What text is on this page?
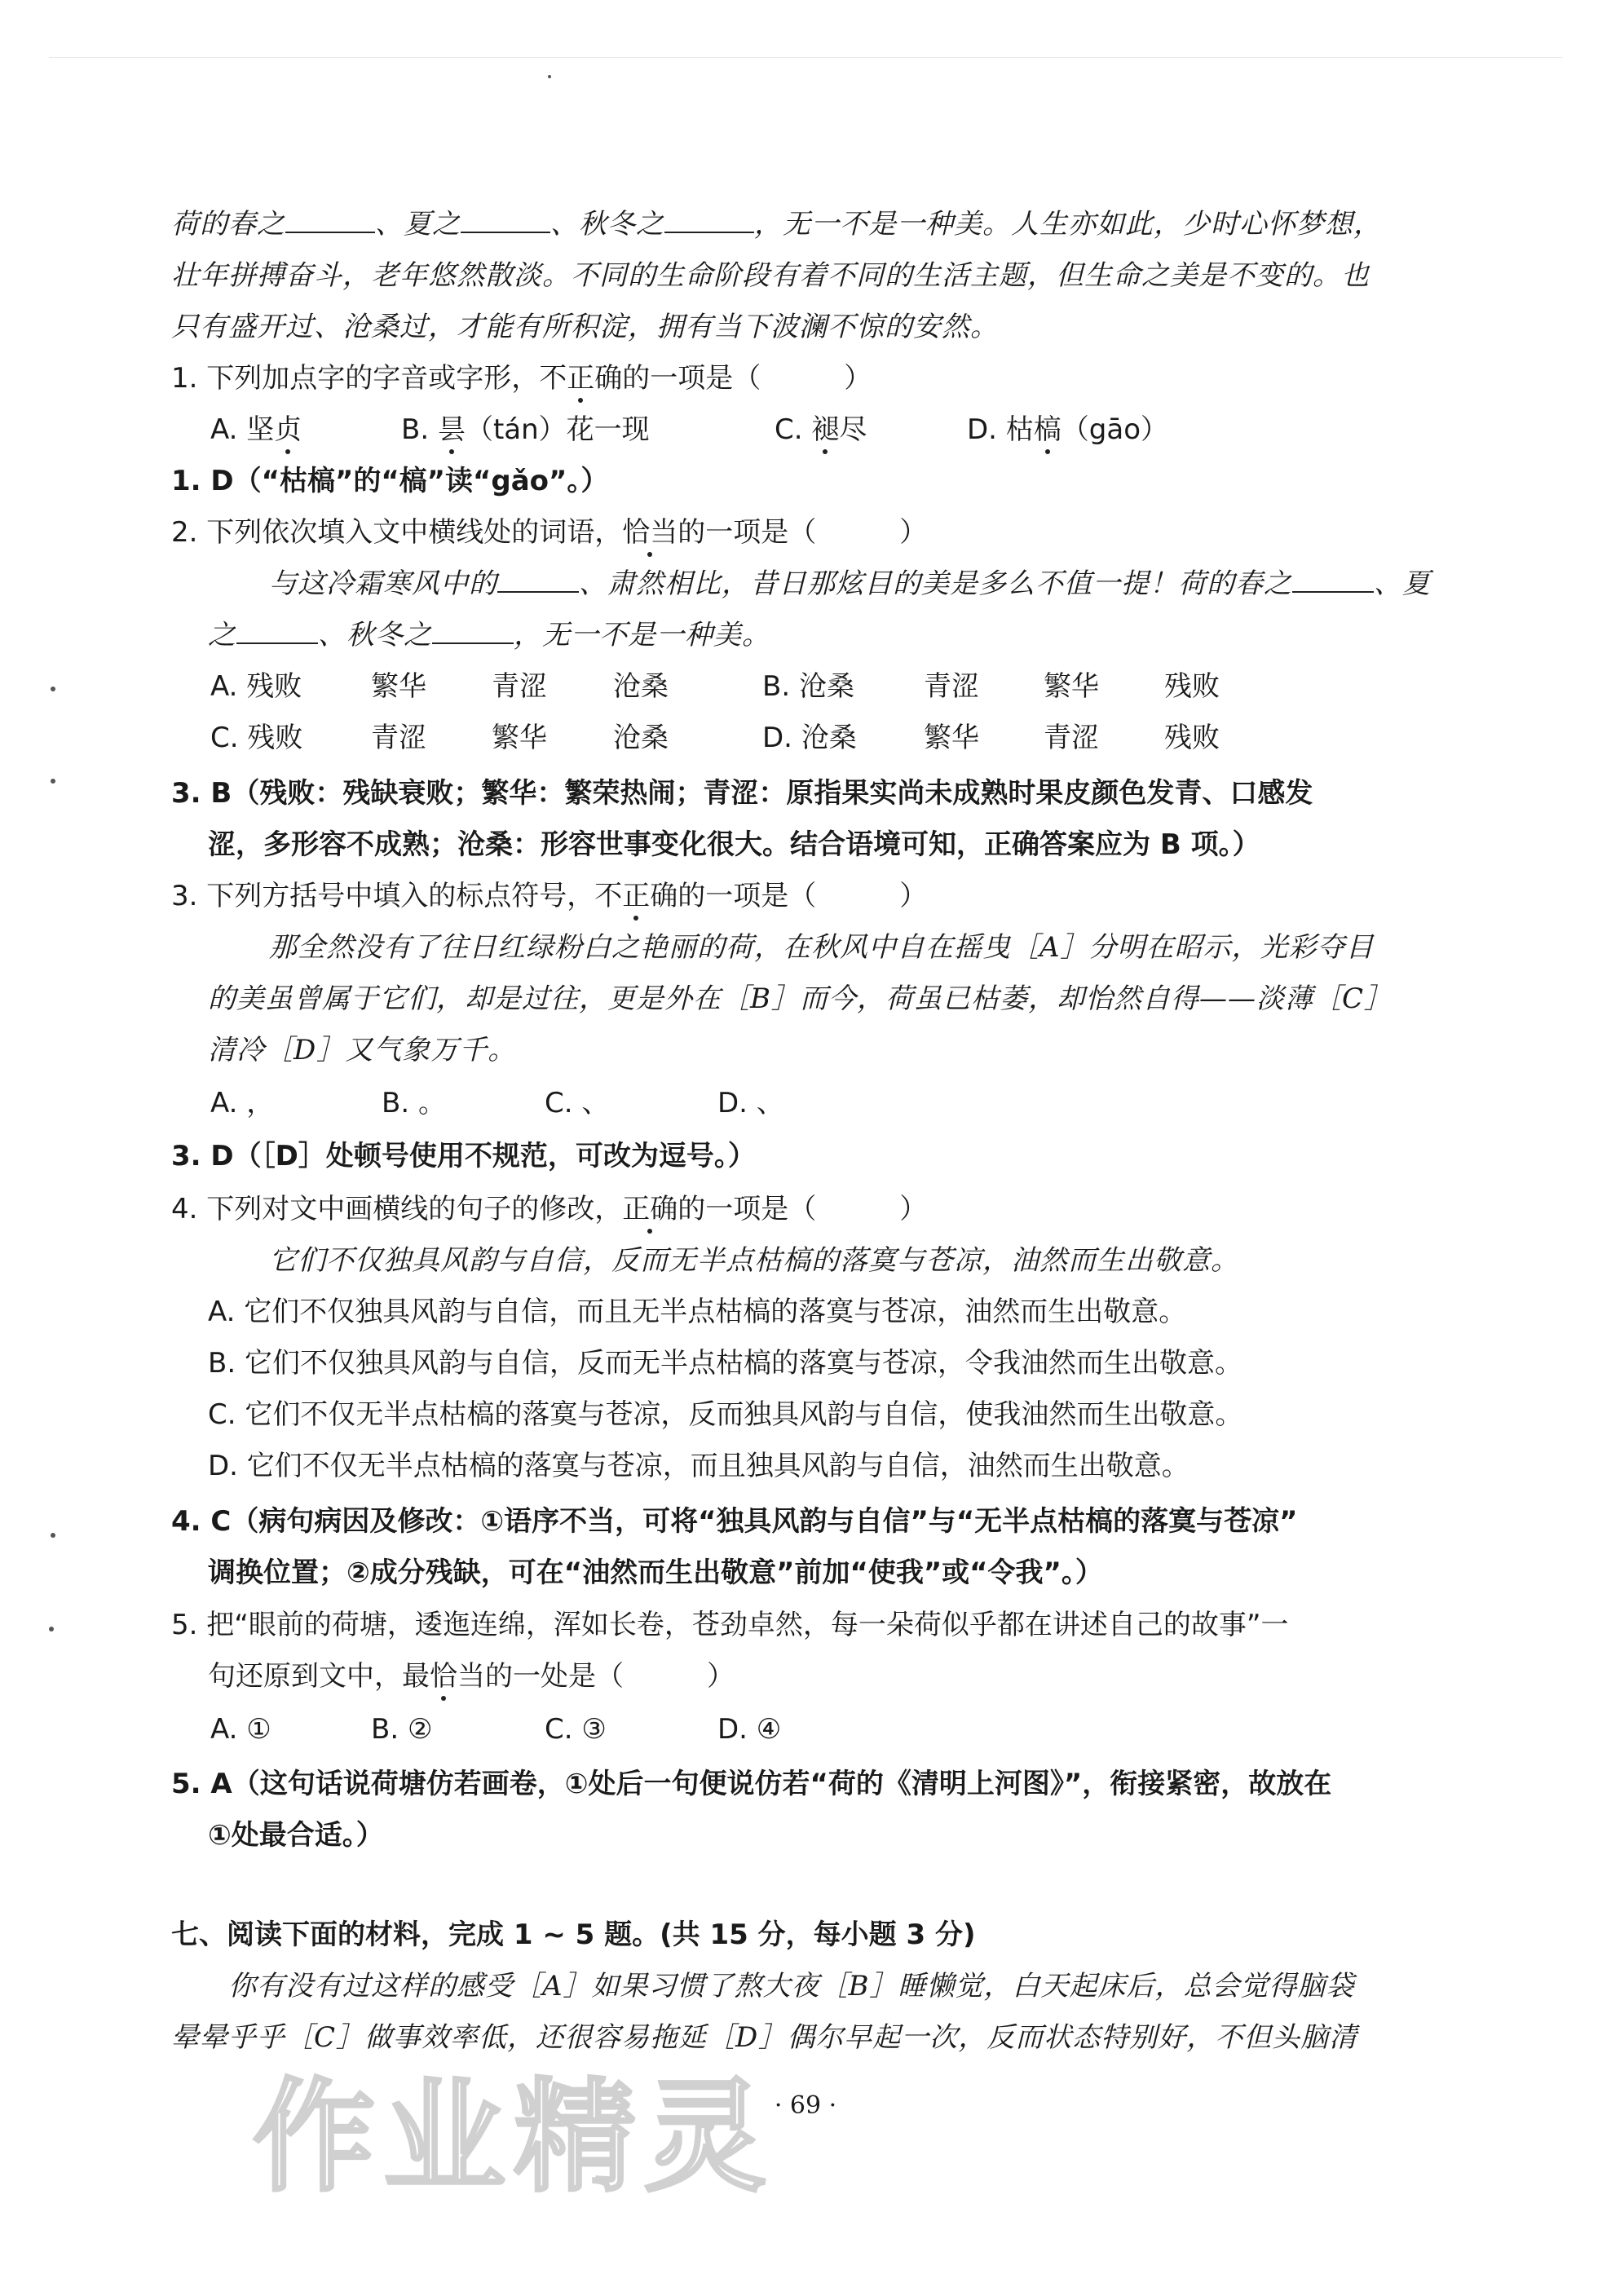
荷的春之	、夏之	、秋冬之	，无一不是一种美。人生亦如此，少时心怀梦想，
壮年拼搏奋斗，老年悠然散淡。不同的生命阶段有着不同的生活主题，但生命之美是不变的。也
只有盛开过、沧桑过，才能有所积淀，拥有当下波澜不惊的安然。
1. 下列加点字的字音或字形，不正确的一项是（　　　）
A. 坚贞	B. 昙（tán）花一现	C. 褪尽	D. 枯槁（gāo）
1. D（“枯槁”的“槁”读“gǎo”。）
2. 下列依次填入文中横线处的词语，恰当的一项是（　　　）
与这冷霜寒风中的	、肃然相比，昔日那炫目的美是多么不值一提！荷的春之	、夏
之	、秋冬之	，无一不是一种美。
A. 残败 繁华 青涩 沧桑	B. 沧桑	青涩 繁华 残败
C. 残败 青涩 繁华 沧桑	D. 沧桑 繁华 青涩 残败
3. B（残败：残缺衰败；繁华：繁荣热闹；青涩：原指果实尚未成熟时果皮颜色发青、口感发
涩，多形容不成熟；沧桑：形容世事变化很大。结合语境可知，正确答案应为 B 项。）
3. 下列方括号中填入的标点符号，不正确的一项是（　　　）
那全然没有了往日红绿粉白之艳丽的荷，在秋风中自在摇曳［A］分明在昭示，光彩夺目
的美虽曾属于它们，却是过往，更是外在［B］而今，荷虽已枯萎，却怡然自得——淡薄［C］
清冷［D］又气象万千。
A. ，	B. 。	C. 、	D. 、
3. D（［D］处顿号使用不规范，可改为逗号。）
4. 下列对文中画横线的句子的修改，正确的一项是（　　　）
它们不仅独具风韵与自信，反而无半点枯槁的落寞与苍凉，油然而生出敬意。
A. 它们不仅独具风韵与自信，而且无半点枯槁的落寞与苍凉，油然而生出敬意。
B. 它们不仅独具风韵与自信，反而无半点枯槁的落寞与苍凉，令我油然而生出敬意。
C. 它们不仅无半点枯槁的落寞与苍凉，反而独具风韵与自信，使我油然而生出敬意。
D. 它们不仅无半点枯槁的落寞与苍凉，而且独具风韵与自信，油然而生出敬意。
4. C（病句病因及修改：①语序不当，可将“独具风韵与自信”与“无半点枯槁的落寞与苍凉”
调换位置；②成分残缺，可在“油然而生出敬意”前加“使我”或“令我”。）
5. 把“眼前的荷塘，逶迤连绵，浑如长卷，苍劲卓然，每一朵荷似乎都在讲述自己的故事”一
句还原到文中，最恰当的一处是（　　　）
A. ①	B. ②	C. ③	D. ④
5. A（这句话说荷塘仿若画卷，①处后一句便说仿若“荷的《清明上河图》”，衔接紧密，故放在
①处最合适。）
七、阅读下面的材料，完成 1 ~ 5 题。(共 15 分，每小题 3 分)
你有没有过这样的感受［A］如果习惯了熬大夜［B］睡懒觉，白天起床后，总会觉得脑袋
晕晕乎乎［C］做事效率低，还很容易拖延［D］偶尔早起一次，反而状态特别好，不但头脑清
· 69 ·
作业精灵
